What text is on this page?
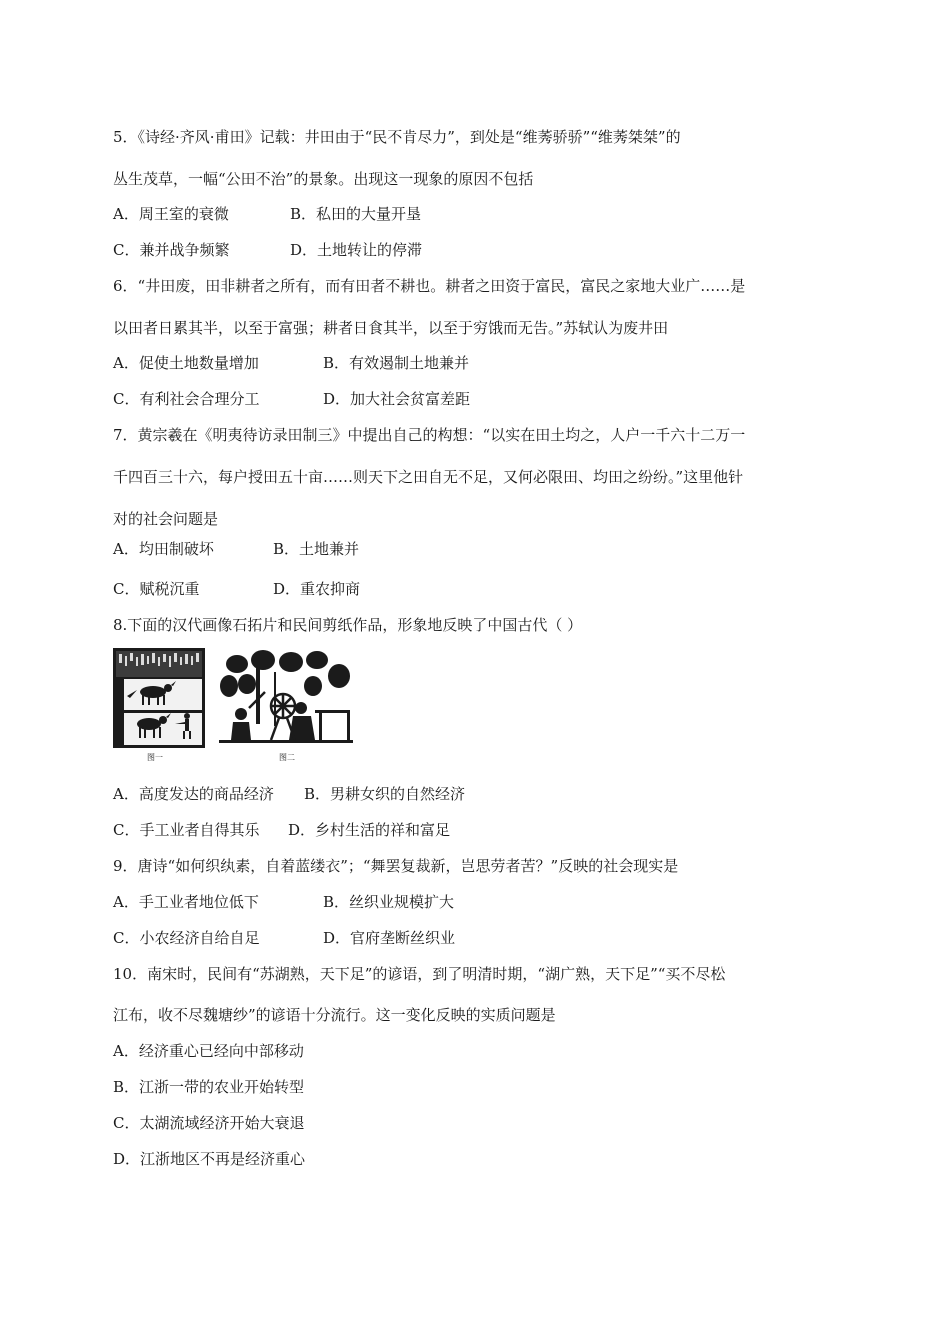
5．《诗经·齐风·甫田》记载：井田由于“民不肯尽力”，到处是“维莠骄骄”“维莠桀桀”的
丛生茂草，一幅“公田不治”的景象。出现这一现象的原因不包括
A．周王室的衰微	B．私田的大量开垦
C．兼并战争频繁	D．土地转让的停滞
6．“井田废，田非耕者之所有，而有田者不耕也。耕者之田资于富民，富民之家地大业广……是
以田者日累其半，以至于富强；耕者日食其半，以至于穷饿而无告。”苏轼认为废井田
A．促使土地数量增加	B．有效遏制土地兼并
C．有利社会合理分工	D．加大社会贫富差距
7．黄宗羲在《明夷待访录田制三》中提出自己的构想：“以实在田土均之，人户一千六十二万一
千四百三十六，每户授田五十亩……则天下之田自无不足，又何必限田、均田之纷纷。”这里他针
对的社会问题是
A．均田制破坏	B．土地兼并
C．赋税沉重	D．重农抑商
8.下面的汉代画像石拓片和民间剪纸作品，形象地反映了中国古代（ ）
图一	图二
A．高度发达的商品经济 B．男耕女织的自然经济
C．手工业者自得其乐 D．乡村生活的祥和富足
9．唐诗“如何织纨素，自着蓝缕衣”；“舞罢复裁新，岂思劳者苦？”反映的社会现实是
A．手工业者地位低下	B．丝织业规模扩大
C．小农经济自给自足	D．官府垄断丝织业
10．南宋时，民间有“苏湖熟，天下足”的谚语，到了明清时期，“湖广熟，天下足”“买不尽松
江布，收不尽魏塘纱”的谚语十分流行。这一变化反映的实质问题是
A．经济重心已经向中部移动
B．江浙一带的农业开始转型
C．太湖流域经济开始大衰退
D．江浙地区不再是经济重心
